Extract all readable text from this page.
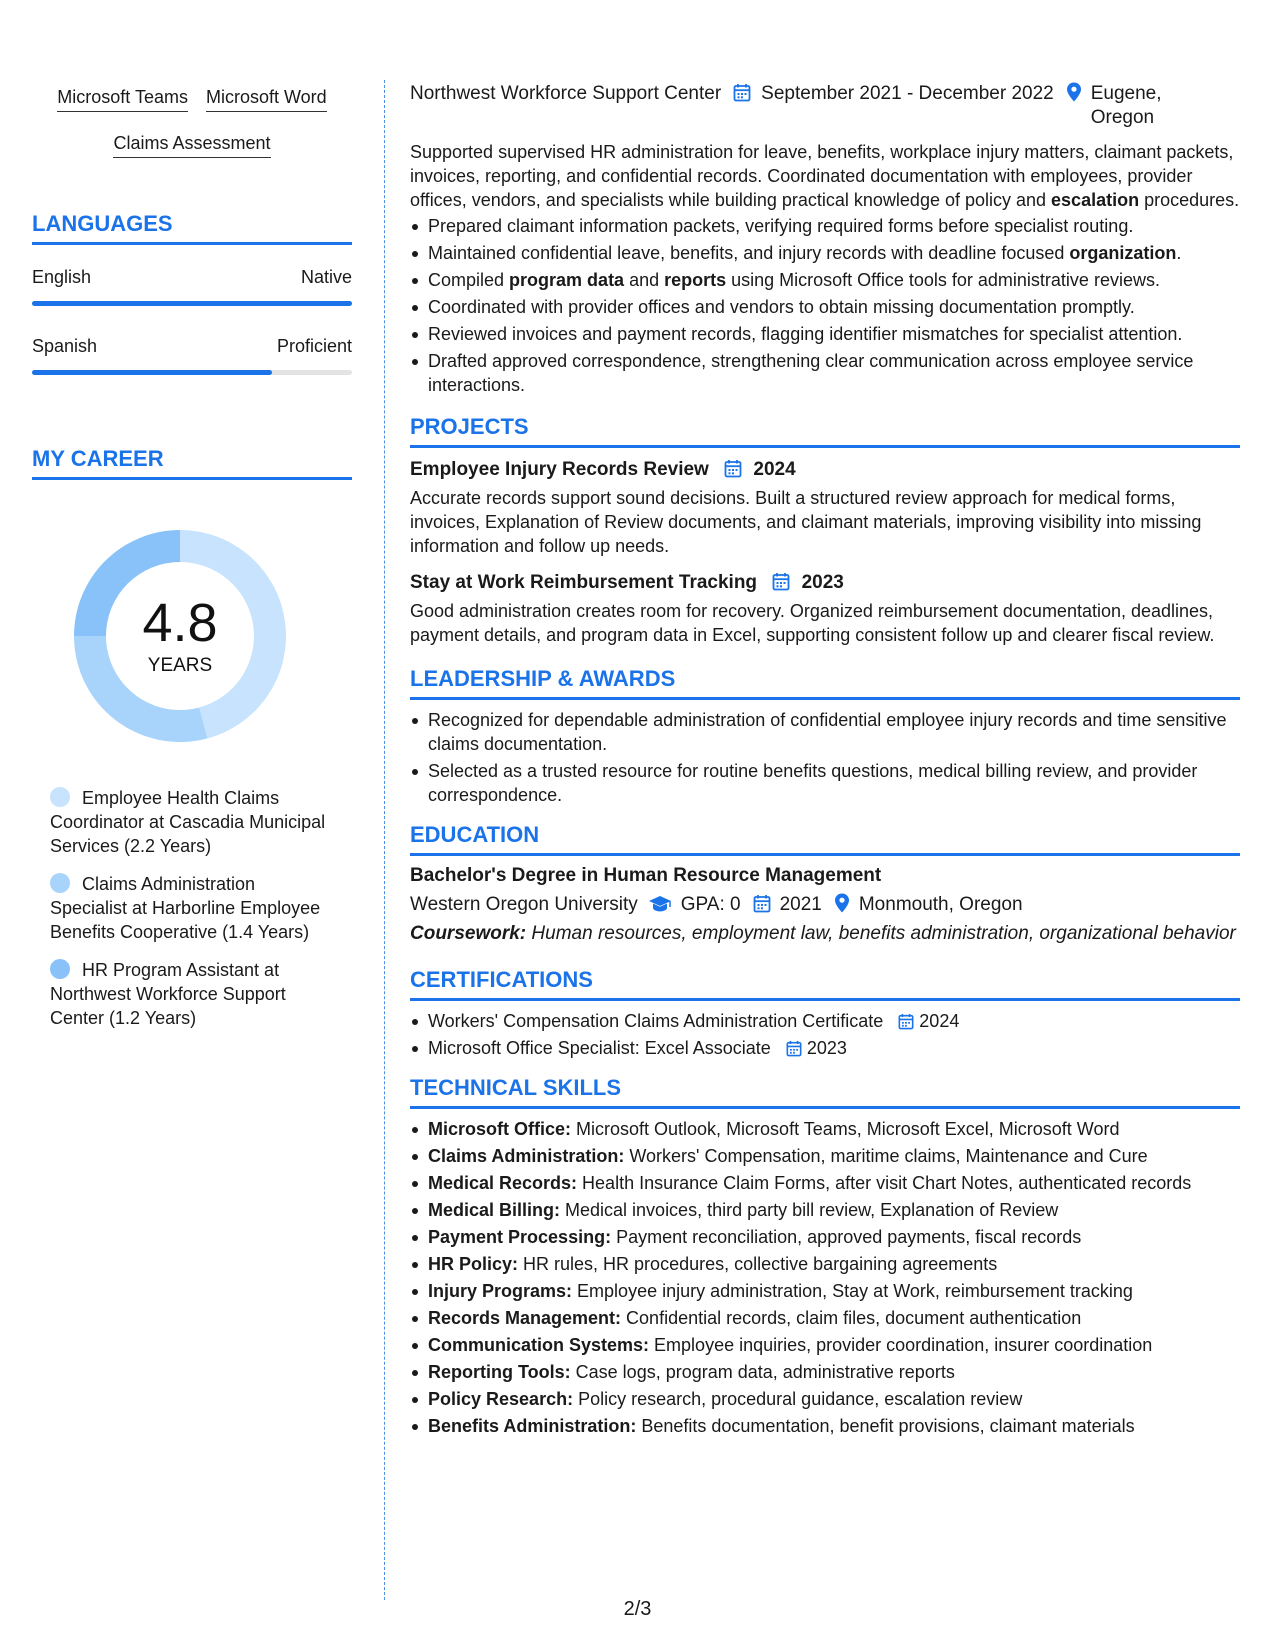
Microsoft Teams Microsoft Word
Claims Assessment
LANGUAGES
English	Native
Spanish	Proficient
MY CAREER
4.8
YEARS
Employee Health Claims Coordinator at Cascadia Municipal Services (2.2 Years)
Claims Administration Specialist at Harborline Employee Benefits Cooperative (1.4 Years)
HR Program Assistant at Northwest Workforce Support Center (1.2 Years)
Northwest Workforce Support Center September 2021 - December 2022 Eugene,
Oregon
Supported supervised HR administration for leave, benefits, workplace injury matters, claimant packets, invoices, reporting, and confidential records. Coordinated documentation with employees, provider offices, vendors, and specialists while building practical knowledge of policy and escalation procedures.
Prepared claimant information packets, verifying required forms before specialist routing.
Maintained confidential leave, benefits, and injury records with deadline focused organization.
Compiled program data and reports using Microsoft Office tools for administrative reviews.
Coordinated with provider offices and vendors to obtain missing documentation promptly.
Reviewed invoices and payment records, flagging identifier mismatches for specialist attention.
Drafted approved correspondence, strengthening clear communication across employee service interactions.
PROJECTS
Employee Injury Records Review 2024
Accurate records support sound decisions. Built a structured review approach for medical forms, invoices, Explanation of Review documents, and claimant materials, improving visibility into missing information and follow up needs.
Stay at Work Reimbursement Tracking 2023
Good administration creates room for recovery. Organized reimbursement documentation, deadlines, payment details, and program data in Excel, supporting consistent follow up and clearer fiscal review.
LEADERSHIP & AWARDS
Recognized for dependable administration of confidential employee injury records and time sensitive claims documentation.
Selected as a trusted resource for routine benefits questions, medical billing review, and provider correspondence.
EDUCATION
Bachelor's Degree in Human Resource Management
Western Oregon University GPA: 0 2021 Monmouth, Oregon
Coursework: Human resources, employment law, benefits administration, organizational behavior
CERTIFICATIONS
Workers' Compensation Claims Administration Certificate 2024
Microsoft Office Specialist: Excel Associate 2023
TECHNICAL SKILLS
Microsoft Office: Microsoft Outlook, Microsoft Teams, Microsoft Excel, Microsoft Word
Claims Administration: Workers' Compensation, maritime claims, Maintenance and Cure
Medical Records: Health Insurance Claim Forms, after visit Chart Notes, authenticated records
Medical Billing: Medical invoices, third party bill review, Explanation of Review
Payment Processing: Payment reconciliation, approved payments, fiscal records
HR Policy: HR rules, HR procedures, collective bargaining agreements
Injury Programs: Employee injury administration, Stay at Work, reimbursement tracking
Records Management: Confidential records, claim files, document authentication
Communication Systems: Employee inquiries, provider coordination, insurer coordination
Reporting Tools: Case logs, program data, administrative reports
Policy Research: Policy research, procedural guidance, escalation review
Benefits Administration: Benefits documentation, benefit provisions, claimant materials
2/3
